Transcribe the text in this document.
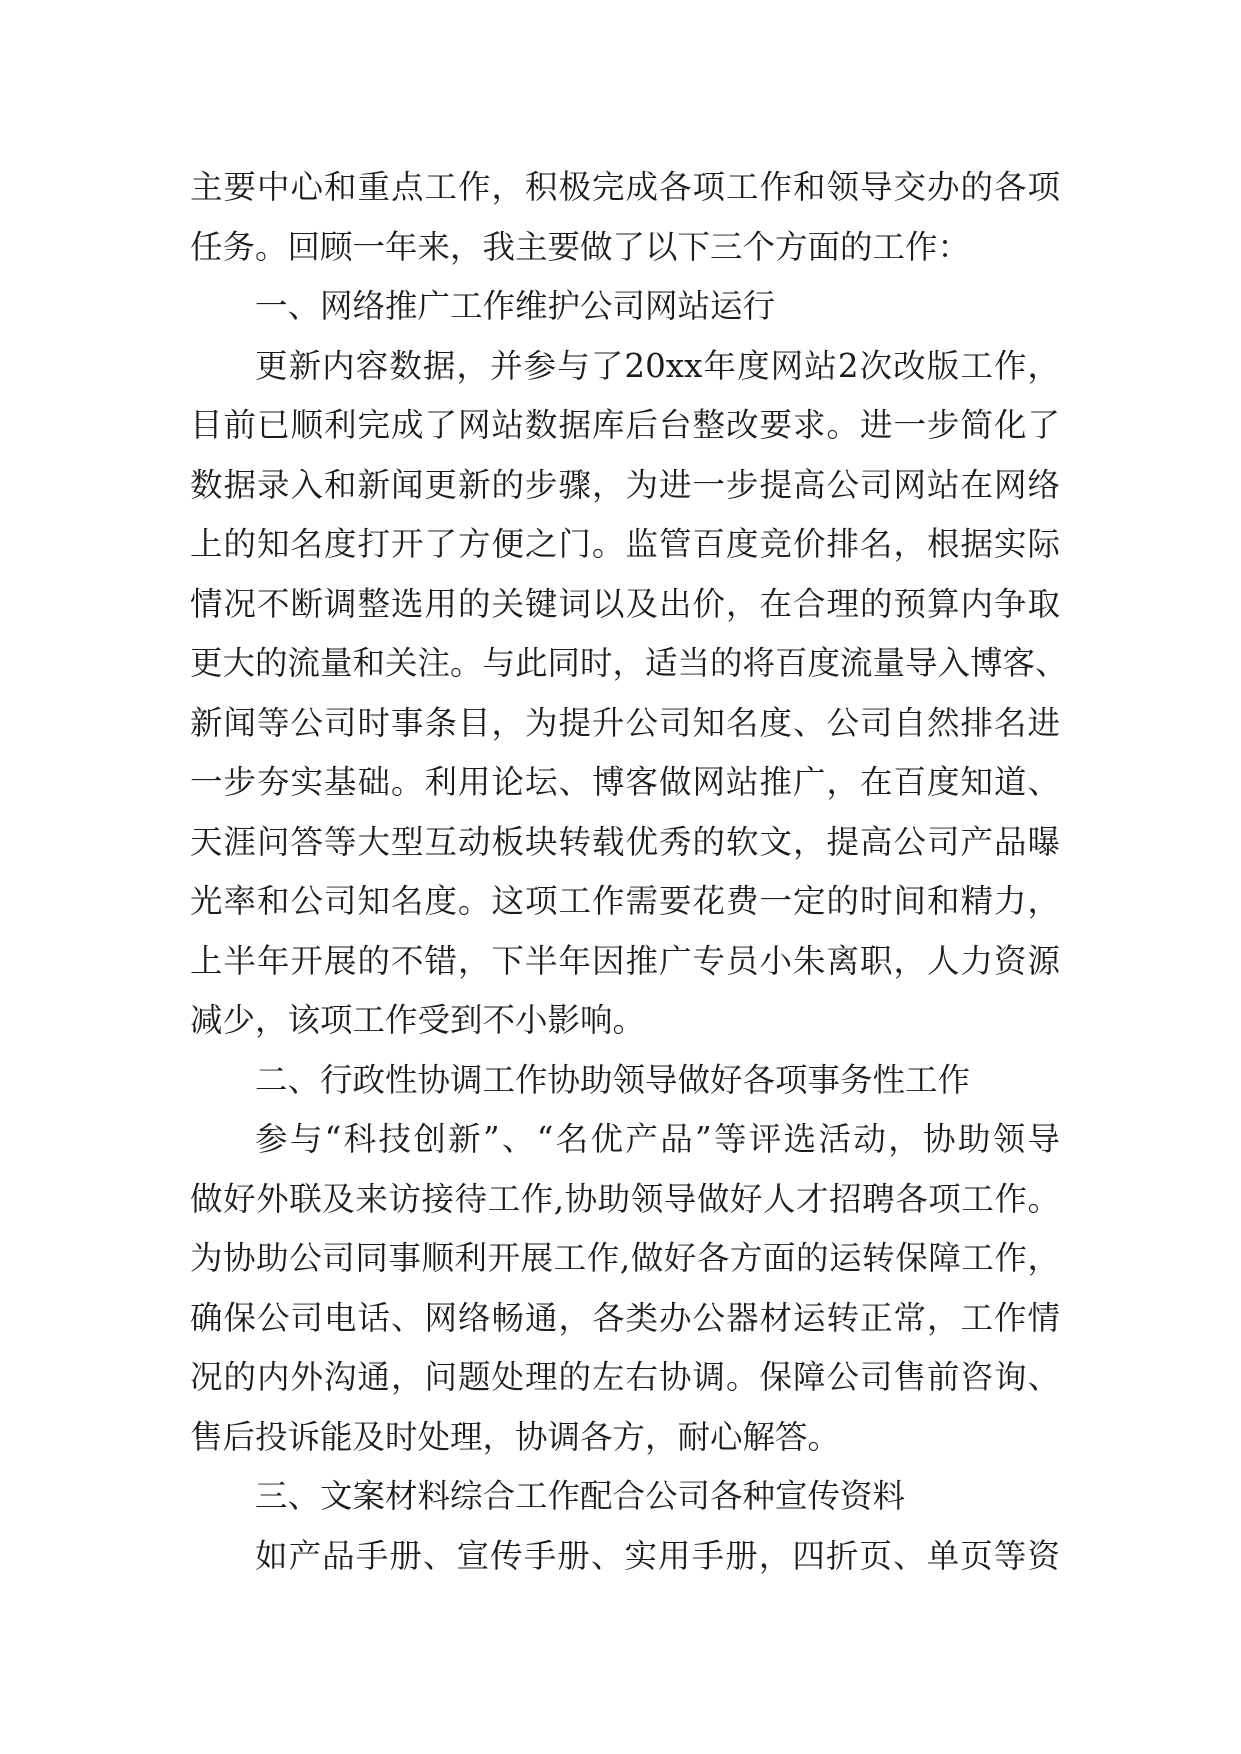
主要中心和重点工作，积极完成各项工作和领导交办的各项
任务。回顾一年来，我主要做了以下三个方面的工作：
一、网络推广工作维护公司网站运行
更新内容数据，并参与了20xx年度网站2次改版工作，
目前已顺利完成了网站数据库后台整改要求。进一步简化了
数据录入和新闻更新的步骤，为进一步提高公司网站在网络
上的知名度打开了方便之门。监管百度竞价排名，根据实际
情况不断调整选用的关键词以及出价，在合理的预算内争取
更大的流量和关注。与此同时，适当的将百度流量导入博客、
新闻等公司时事条目，为提升公司知名度、公司自然排名进
一步夯实基础。利用论坛、博客做网站推广，在百度知道、
天涯问答等大型互动板块转载优秀的软文，提高公司产品曝
光率和公司知名度。这项工作需要花费一定的时间和精力，
上半年开展的不错，下半年因推广专员小朱离职，人力资源
减少，该项工作受到不小影响。
二、行政性协调工作协助领导做好各项事务性工作
参与“科技创新”、“名优产品”等评选活动，协助领导
做好外联及来访接待工作,协助领导做好人才招聘各项工作。
为协助公司同事顺利开展工作,做好各方面的运转保障工作，
确保公司电话、网络畅通，各类办公器材运转正常，工作情
况的内外沟通，问题处理的左右协调。保障公司售前咨询、
售后投诉能及时处理，协调各方，耐心解答。
三、文案材料综合工作配合公司各种宣传资料
如产品手册、宣传手册、实用手册，四折页、单页等资
